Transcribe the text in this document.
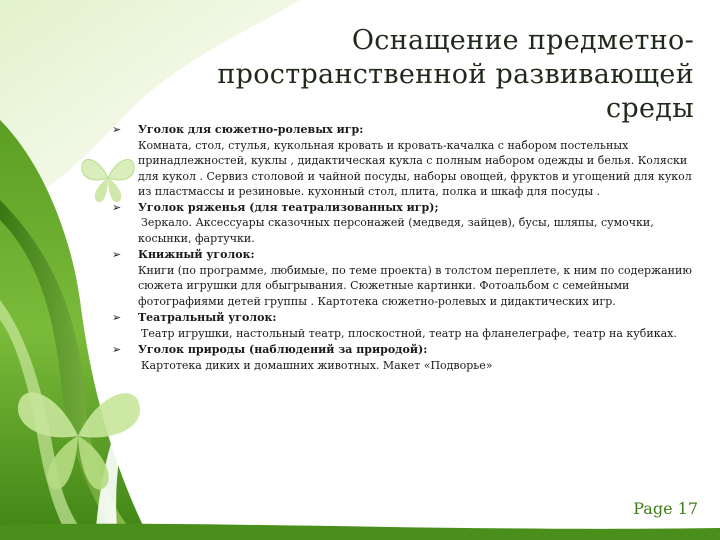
Оснащение предметно-
пространственной развивающей
среды
➢	Уголок для сюжетно-ролевых игр:
Комната, стол, стулья, кукольная кровать и кровать-качалка с набором постельных принадлежностей, куклы , дидактическая кукла с полным набором одежды и белья. Коляски для кукол . Сервиз столовой и чайной посуды, наборы овощей, фруктов и угощений для кукол из пластмассы и резиновые. кухонный стол, плита, полка и шкаф для посуды .
➢	Уголок ряженья (для театрализованных игр);
Зеркало. Аксессуары сказочных персонажей (медведя, зайцев), бусы, шляпы, сумочки, косынки, фартучки.
➢	Книжный уголок:
Книги (по программе, любимые, по теме проекта) в толстом переплете, к ним по содержанию сюжета игрушки для обыгрывания. Сюжетные картинки. Фотоальбом с семейными фотографиями детей группы . Картотека сюжетно-ролевых и дидактических игр.
➢	Театральный уголок:
Театр игрушки, настольный театр, плоскостной, театр на фланелеграфе, театр на кубиках.
➢	Уголок природы (наблюдений за природой):
Картотека диких и домашних животных. Макет «Подворье»
Page 17
